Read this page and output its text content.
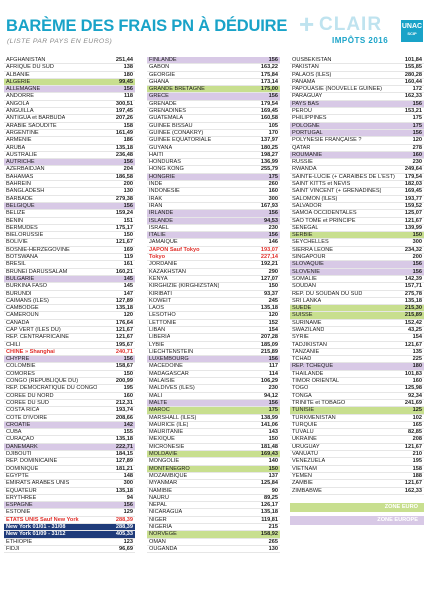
BARÈME DES FRAIS PN À DÉDUIRE
(LISTE PAR PAYS EN EUROS)
+ CLAIR
IMPÔTS 2016
UNAC
SCIP
AFGHANISTAN	251,44
AFRIQUE DU SUD	138
ALBANIE	180
ALGÉRIE	99,45
ALLEMAGNE	156
ANDORRE	118
ANGOLA	300,51
ANGUILLA	197,45
ANTIGUA et BARBUDA	207,26
ARABIE SAOUDITE	158
ARGENTINE	161,49
ARMÉNIE	186
ARUBA	135,18
AUSTRALIE	236,48
AUTRICHE	156
AZERBAÏDJAN	204
BAHAMAS	186,58
BAHREÏN	200
BANGLADESH	130
BARBADE	279,38
BELGIQUE	156
BELIZE	159,24
BÉNIN	151
BERMUDES	175,17
BIÉLORUSSIE	150
BOLIVIE	121,67
BOSNIE-HERZÉGOVINE	169
BOTSWANA	119
BRÉSIL	161
BRUNEI DARUSSALAM	160,21
BULGARIE	145
BURKINA FASO	145
BURUNDI	147
CAÏMANS (îLES)	127,89
CAMBODGE	135,18
CAMEROUN	120
CANADA	176,64
CAP VERT (îLES DU)	121,67
RÉP. CENTRAFRICAINE	121,67
CHILI	195,67
CHINE » Shanghai	240,71
CHYPRE	156
COLOMBIE	158,67
COMORES	150
CONGO (RÉPUBLIQUE DU)	200,99
RÉP. DÉMOCRATIQUE DU CONGO	195
CORÉE DU NORD	160
CORÉE DU SUD	212,31
COSTA RICA	193,74
CÔTE D'IVOIRE	208,66
CROATIE	142
CUBA	155
CURAÇAO	135,18
DANEMARK	222,71
DJIBOUTI	184,15
RÉP. DOMINICAINE	127,89
DOMINIQUE	181,21
ÉGYPTE	148
ÉMIRATS ARABES UNIS	300
ÉQUATEUR	135,18
ÉRYTHRÉE	94
ESPAGNE	156
ESTONIE	129
ÉTATS UNIS Sauf New York	288,39
New York 01/01 - 31/08	288,39
New York 01/09 - 31/12	405,33
ÉTHIOPIE	123
FIDJI	96,69
FINLANDE	156
GABON	163,22
GEORGIE	175,84
GHANA	173,14
GRANDE BRETAGNE	175,00
GRÈCE	156
GRENADE	179,54
GRENADINES	169,45
GUATEMALA	160,58
GUINÉE BISSAU	105
GUINÉE (CONAKRY)	170
GUINÉE ÉQUATORIALE	137,97
GUYANA	180,25
HAÏTI	198,27
HONDURAS	136,99
HONG KONG	255,79
HONGRIE	175
INDE	260
INDONÉSIE	160
IRAK	300
IRAN	167,93
IRLANDE	156
ISLANDE	94,53
ISRAËL	230
ITALIE	156
JAMAÏQUE	146
JAPON Sauf Tokyo	193,07
Tokyo	227,14
JORDANIE	192,21
KAZAKHSTAN	290
KENYA	127,07
KIRGHIZIE (KIRGHIZSTAN)	150
KIRIBATI	93,37
KOWEÏT	245
LAOS	135,18
LESOTHO	120
LETTONIE	152
LIBAN	154
LIBERIA	207,28
LYBIE	185,09
LIECHTENSTEIN	215,89
LUXEMBOURG	156
MACÉDOINE	117
MADAGASCAR	114
MALAISIE	106,29
MALDIVES (îLES)	230
MALI	94,12
MALTE	156
MAROC	175
MARSHALL (îLES)	138,99
MAURICE (îLE)	141,06
MAURITANIE	143
MEXIQUE	150
MICRONÉSIE	181,48
MOLDAVIE	169,43
MONGOLIE	140
MONTÉNÉGRO	150
MOZAMBIQUE	137
MYANMAR	125,84
NAMIBIE	90
NAURU	89,25
NÉPAL	126,17
NICARAGUA	135,18
NIGER	119,81
NIGERIA	215
NORVÈGE	158,92
OMAN	265
OUGANDA	130
OUSBÉKISTAN	101,84
PAKISTAN	155,85
PALAOS (îLES)	280,28
PANAMA	160,44
PAPOUASIE (NOUVELLE GUINÉE)	172
PARAGUAY	162,33
PAYS BAS	156
PÉROU	153,21
PHILIPPINES	175
POLOGNE	175
PORTUGAL	156
POLYNÉSIE FRANÇAISE ?	120
QATAR	278
ROUMANIE	160
RUSSIE	230
RWANDA	249,64
SAINTE-LUCIE (+ CARAÏBES DE L'EST)	179,54
SAINT KITTS et NEVIS	182,03
SAINT VINCENT (+ GRENADINES)	169,45
SALOMON (îLES)	193,77
SALVADOR	159,52
SAMOA OCCIDENTALES	125,07
SÃO TOMÉ et PRINCIPE	121,67
SÉNÉGAL	139,99
SERBIE	150
SEYCHELLES	300
SIERRA LEONE	234,32
SINGAPOUR	200
SLOVAQUIE	156
SLOVÉNIE	156
SOMALIE	142,39
SOUDAN	157,71
RÉP. DU SOUDAN DU SUD	275,78
SRI LANKA	135,18
SUÈDE	215,30
SUISSE	215,89
SURINAME	152,42
SWAZILAND	43,25
SYRIE	154
TADJIKISTAN	121,67
TANZANIE	135
TCHAD	225
RÉP. TCHÈQUE	180
THAÏLANDE	101,83
TIMOR ORIENTAL	160
TOGO	125,98
TONGA	92,34
TRINITÉ et TOBAGO	241,69
TUNISIE	125
TURKMENISTAN	102
TURQUIE	165
TUVALU	82,85
UKRAINE	208
URUGUAY	121,67
VANUATU	210
VÉNÉZUELA	195
VIETNAM	158
YÉMEN	188
ZAMBIE	121,67
ZIMBABWE	162,33
ZONE EURO
ZONE EUROPE
